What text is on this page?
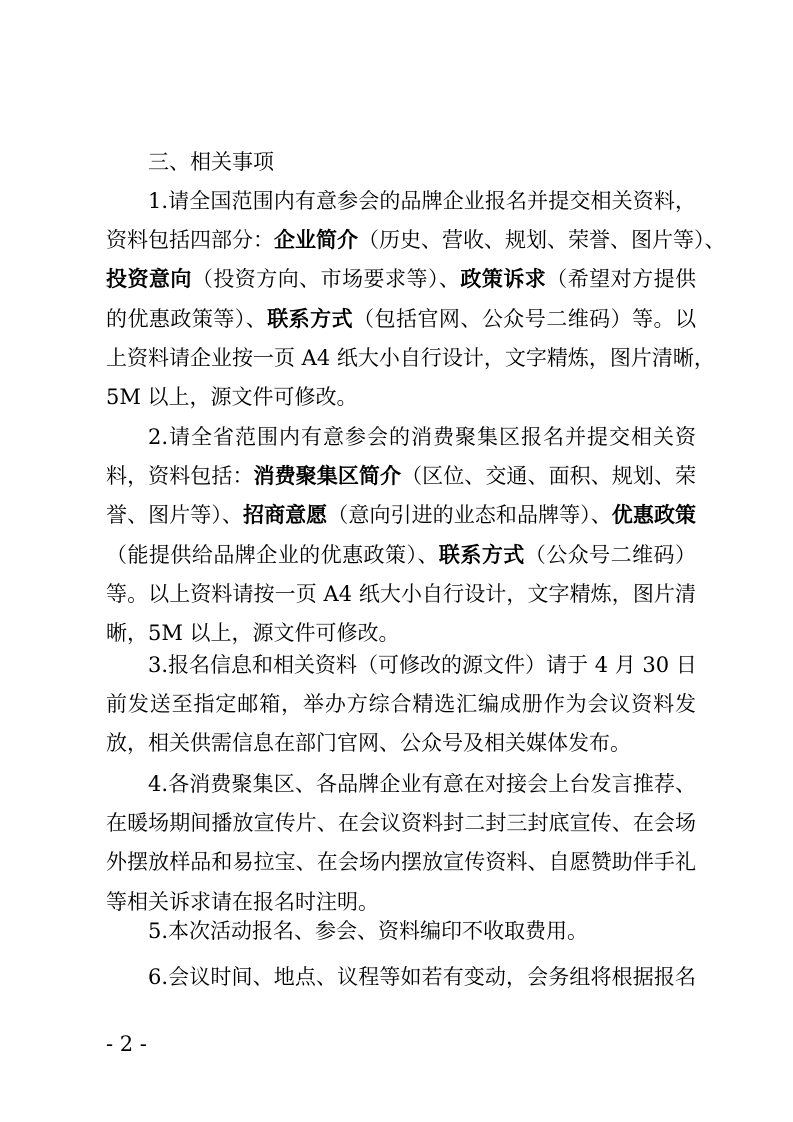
三、相关事项
1.请全国范围内有意参会的品牌企业报名并提交相关资料，
资料包括四部分：企业简介（历史、营收、规划、荣誉、图片等）、
投资意向（投资方向、市场要求等）、政策诉求（希望对方提供
的优惠政策等）、联系方式（包括官网、公众号二维码）等。以
上资料请企业按一页 A4 纸大小自行设计，文字精炼，图片清晰，
5M 以上，源文件可修改。
2.请全省范围内有意参会的消费聚集区报名并提交相关资
料，资料包括：消费聚集区简介（区位、交通、面积、规划、荣
誉、图片等）、招商意愿（意向引进的业态和品牌等）、优惠政策
（能提供给品牌企业的优惠政策）、联系方式（公众号二维码）
等。以上资料请按一页 A4 纸大小自行设计，文字精炼，图片清
晰，5M 以上，源文件可修改。
3.报名信息和相关资料（可修改的源文件）请于 4 月 30 日
前发送至指定邮箱，举办方综合精选汇编成册作为会议资料发
放，相关供需信息在部门官网、公众号及相关媒体发布。
4.各消费聚集区、各品牌企业有意在对接会上台发言推荐、
在暖场期间播放宣传片、在会议资料封二封三封底宣传、在会场
外摆放样品和易拉宝、在会场内摆放宣传资料、自愿赞助伴手礼
等相关诉求请在报名时注明。
5.本次活动报名、参会、资料编印不收取费用。
6.会议时间、地点、议程等如若有变动，会务组将根据报名
- 2 -
